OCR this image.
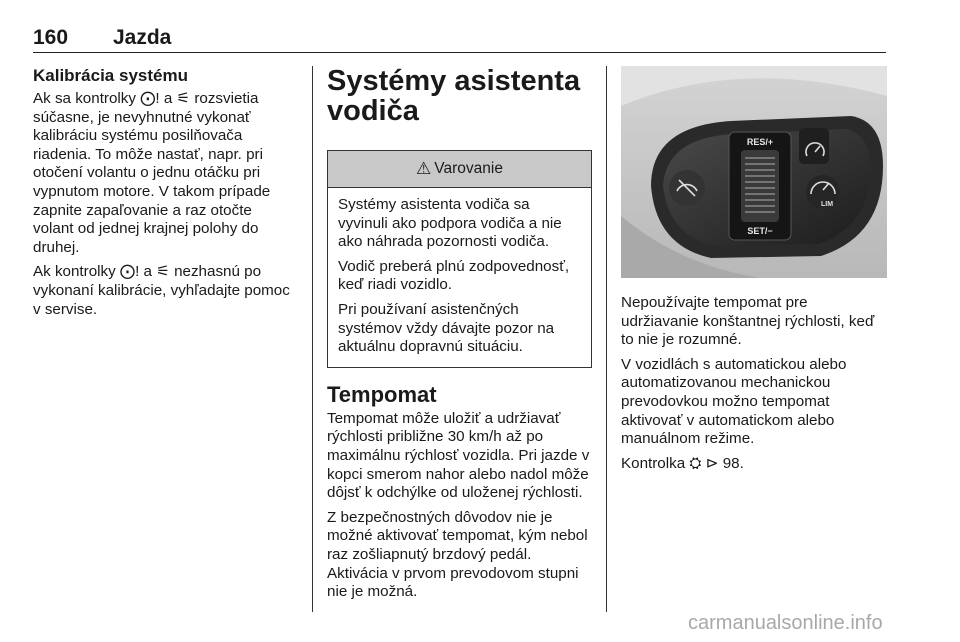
160 Jazda
Kalibrácia systému

Ak sa kontrolky ⨀! a ⚟ rozsvietia súčasne, je nevyhnutné vykonať kalibráciu systému posilňovača riadenia. To môže nastať, napr. pri otočení volantu o jednu otáčku pri vypnutom motore. V takom prípade zapnite zapaľovanie a raz otočte volant od jednej krajnej polohy do druhej.

Ak kontrolky ⨀! a ⚟ nezhasnú po vykonaní kalibrácie, vyhľadajte pomoc v servise.

Systémy asistenta vodiča
⚠ Varovanie

Systémy asistenta vodiča sa vyvinuli ako podpora vodiča a nie ako náhrada pozornosti vodiča.

Vodič preberá plnú zodpovednosť, keď riadi vozidlo.

Pri používaní asistenčných systémov vždy dávajte pozor na aktuálnu dopravnú situáciu.

Tempomat

Tempomat môže uložiť a udržiavať rýchlosti približne 30 km/h až po maximálnu rýchlosť vozidla. Pri jazde v kopci smerom nahor alebo nadol môže dôjsť k odchýlke od uloženej rýchlosti.

Z bezpečnostných dôvodov nie je možné aktivovať tempomat, kým nebol raz zošliapnutý brzdový pedál. Aktivácia v prvom prevodovom stupni nie je možná.

RES/+
SET/−
LIM

Nepoužívajte tempomat pre udržiavanie konštantnej rýchlosti, keď to nie je rozumné.

V vozidlách s automatickou alebo automatizovanou mechanickou prevodovkou možno tempomat aktivovať v automatickom alebo manuálnom režime.

Kontrolka ⛭ ⊳ 98.

carmanualsonline.info
